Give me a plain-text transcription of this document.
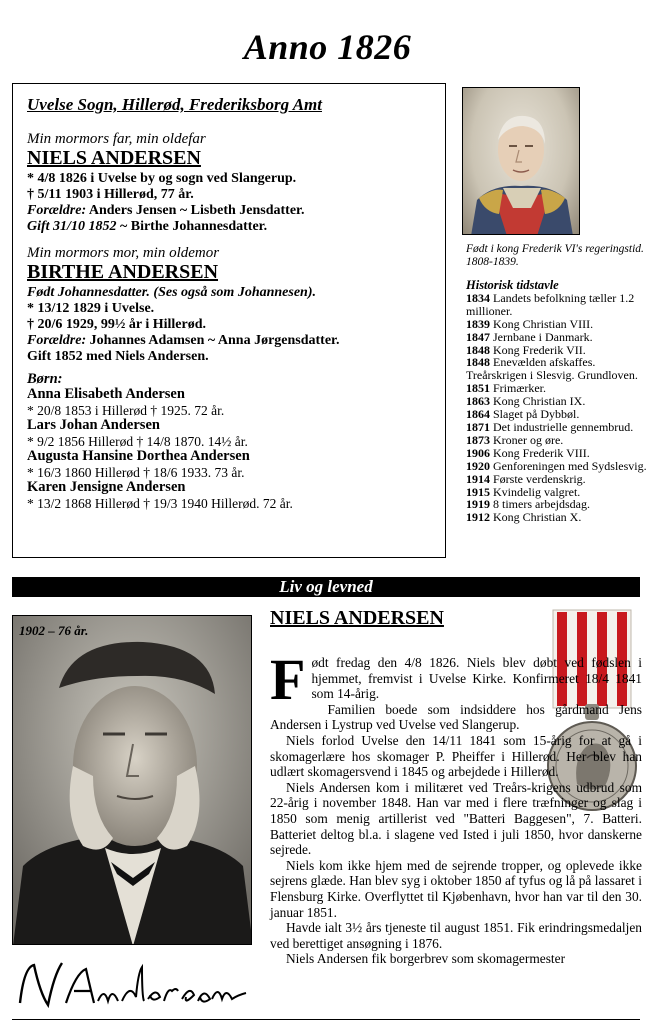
Anno 1826
Uvelse Sogn, Hillerød, Frederiksborg Amt
Min mormors far, min oldefar
NIELS ANDERSEN
* 4/8 1826 i Uvelse by og sogn ved Slangerup.
† 5/11 1903 i Hillerød, 77 år.
Forældre: Anders Jensen ~ Lisbeth Jensdatter.
Gift 31/10 1852 ~ Birthe Johannesdatter.
Min mormors mor, min oldemor
BIRTHE ANDERSEN
Født Johannesdatter. (Ses også som Johannesen).
* 13/12 1829 i Uvelse.
† 20/6 1929, 99½ år i Hillerød.
Forældre: Johannes Adamsen ~ Anna Jørgensdatter.
Gift 1852 med Niels Andersen.
Børn:
Anna Elisabeth Andersen
* 20/8 1853 i Hillerød † 1925. 72 år.
Lars Johan Andersen
* 9/2 1856 Hillerød † 14/8 1870. 14½ år.
Augusta Hansine Dorthea Andersen
* 16/3 1860 Hillerød † 18/6 1933. 73 år.
Karen Jensigne Andersen
* 13/2 1868 Hillerød † 19/3 1940 Hillerød. 72 år.
Født i kong Frederik VI's regeringstid. 1808-1839.
Historisk tidstavle
1834 Landets befolkning tæller 1.2 millioner.
1839 Kong Christian VIII.
1847 Jernbane i Danmark.
1848 Kong Frederik VII.
1848 Enevælden afskaffes. Treårskrigen i Slesvig. Grundloven.
1851 Frimærker.
1863 Kong Christian IX.
1864 Slaget på Dybbøl.
1871 Det industrielle gennembrud.
1873 Kroner og øre.
1906 Kong Frederik VIII.
1920 Genforeningen med Sydslesvig.
1914 Første verdenskrig.
1915 Kvindelig valgret.
1919 8 timers arbejdsdag.
1912 Kong Christian X.
Liv og levned
1902 – 76 år.
NIELS ANDERSEN

Født fredag den 4/8 1826. Niels blev døbt ved fødslen i hjemmet, fremvist i Uvelse Kirke. Konfirmeret 18/4 1841 som 14-årig.

Familien boede som indsiddere hos gårdmand Jens Andersen i Lystrup ved Uvelse ved Slangerup.

Niels forlod Uvelse den 14/11 1841 som 15-årig for at gå i skomagerlære hos skomager P. Pheiffer i Hillerød. Her blev han udlært skomagersvend i 1845 og arbejdede i Hillerød.

Niels Andersen kom i militæret ved Treårs-krigens udbrud som 22-årig i november 1848. Han var med i flere træfninger og slag i 1850 som menig artillerist ved "Batteri Baggesen", 7. Batteri. Batteriet deltog bl.a. i slagene ved Isted i juli 1850, hvor danskerne sejrede.

Niels kom ikke hjem med de sejrende tropper, og oplevede ikke sejrens glæde. Han blev syg i oktober 1850 af tyfus og lå på lassaret i Flensburg Kirke. Overflyttet til Kjøbenhavn, hvor han var til den 30. januar 1851.

Havde ialt 3½ års tjeneste til august 1851. Fik erindringsmedaljen ved berettiget ansøgning i 1876.

Niels Andersen fik borgerbrev som skomagermester
